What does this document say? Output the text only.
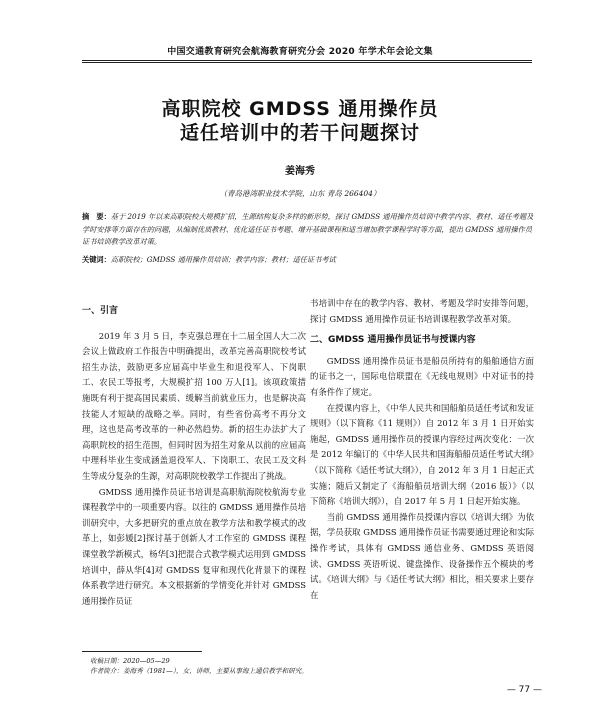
中国交通教育研究会航海教育研究分会 2020 年学术年会论文集
高职院校 GMDSS 通用操作员
适任培训中的若干问题探讨
姜海秀
（青岛港湾职业技术学院，山东 青岛 266404）
摘　要：基于 2019 年以来高职院校大规模扩招，生源结构复杂多样的新形势，探讨 GMDSS 通用操作员培训中教学内容、教材、适任考题及学时安排等方面存在的问题，从编制优质教材、优化适任证书考题、增开基础课程和适当增加教学课程学时等方面，提出 GMDSS 通用操作员证书培训教学改革对策。
关键词：高职院校；GMDSS 通用操作员培训；教学内容；教材；适任证书考试
一、引言

2019 年 3 月 5 日，李克强总理在十二届全国人大二次会议上做政府工作报告中明确提出，改革完善高职院校考试招生办法，鼓励更多应届高中毕业生和退役军人、下岗职工、农民工等报考，大规模扩招 100 万人[1]。该项政策措施既有利于提高国民素质、缓解当前就业压力，也是解决高技能人才短缺的战略之举。同时，有些省份高考不再分文理，这也是高考改革的一种必然趋势。新的招生办法扩大了高职院校的招生范围，但同时因为招生对象从以前的应届高中理科毕业生变成涵盖退役军人、下岗职工、农民工及文科生等成分复杂的生源，对高职院校教学工作提出了挑战。

GMDSS 通用操作员证书培训是高职航海院校航海专业课程教学中的一项重要内容。以往的 GMDSS 通用操作员培训研究中，大多把研究的重点放在教学方法和教学模式的改革上，如彭媛[2]探讨基于创新人才工作室的 GMDSS 课程课堂教学新模式，杨华[3]把混合式教学模式运用到 GMDSS 培训中，薛从华[4]对 GMDSS 复审和现代化背景下的课程体系教学进行研究。本文根据新的学情变化并针对 GMDSS 通用操作员证

书培训中存在的教学内容、教材、考题及学时安排等问题，探讨 GMDSS 通用操作员证书培训课程教学改革对策。

二、GMDSS 通用操作员证书与授课内容

GMDSS 通用操作员证书是船员所持有的船舶通信方面的证书之一，国际电信联盟在《无线电规则》中对证书的持有条件作了规定。

在授课内容上，《中华人民共和国船舶员适任考试和发证规则》（以下简称《11 规则》）自 2012 年 3 月 1 日开始实施起，GMDSS 通用操作员的授课内容经过两次变化：一次是 2012 年编订的《中华人民共和国海船船员适任考试大纲》（以下简称《适任考试大纲》），自 2012 年 3 月 1 日起正式实施；随后又制定了《海船船员培训大纲（2016 版）》（以下简称《培训大纲》），自 2017 年 5 月 1 日起开始实施。

当前 GMDSS 通用操作员授课内容以《培训大纲》为依据，学员获取 GMDSS 通用操作员证书需要通过理论和实际操作考试，具体有 GMDSS 通信业务、GMDSS 英语阅读、GMDSS 英语听说、键盘操作、设备操作五个模块的考试。《培训大纲》与《适任考试大纲》相比，相关要求上要存在

收稿日期：2020—05—29
作者简介：姜海秀（1981—），女，讲师，主要从事海上通信教学和研究。
— 77 —
